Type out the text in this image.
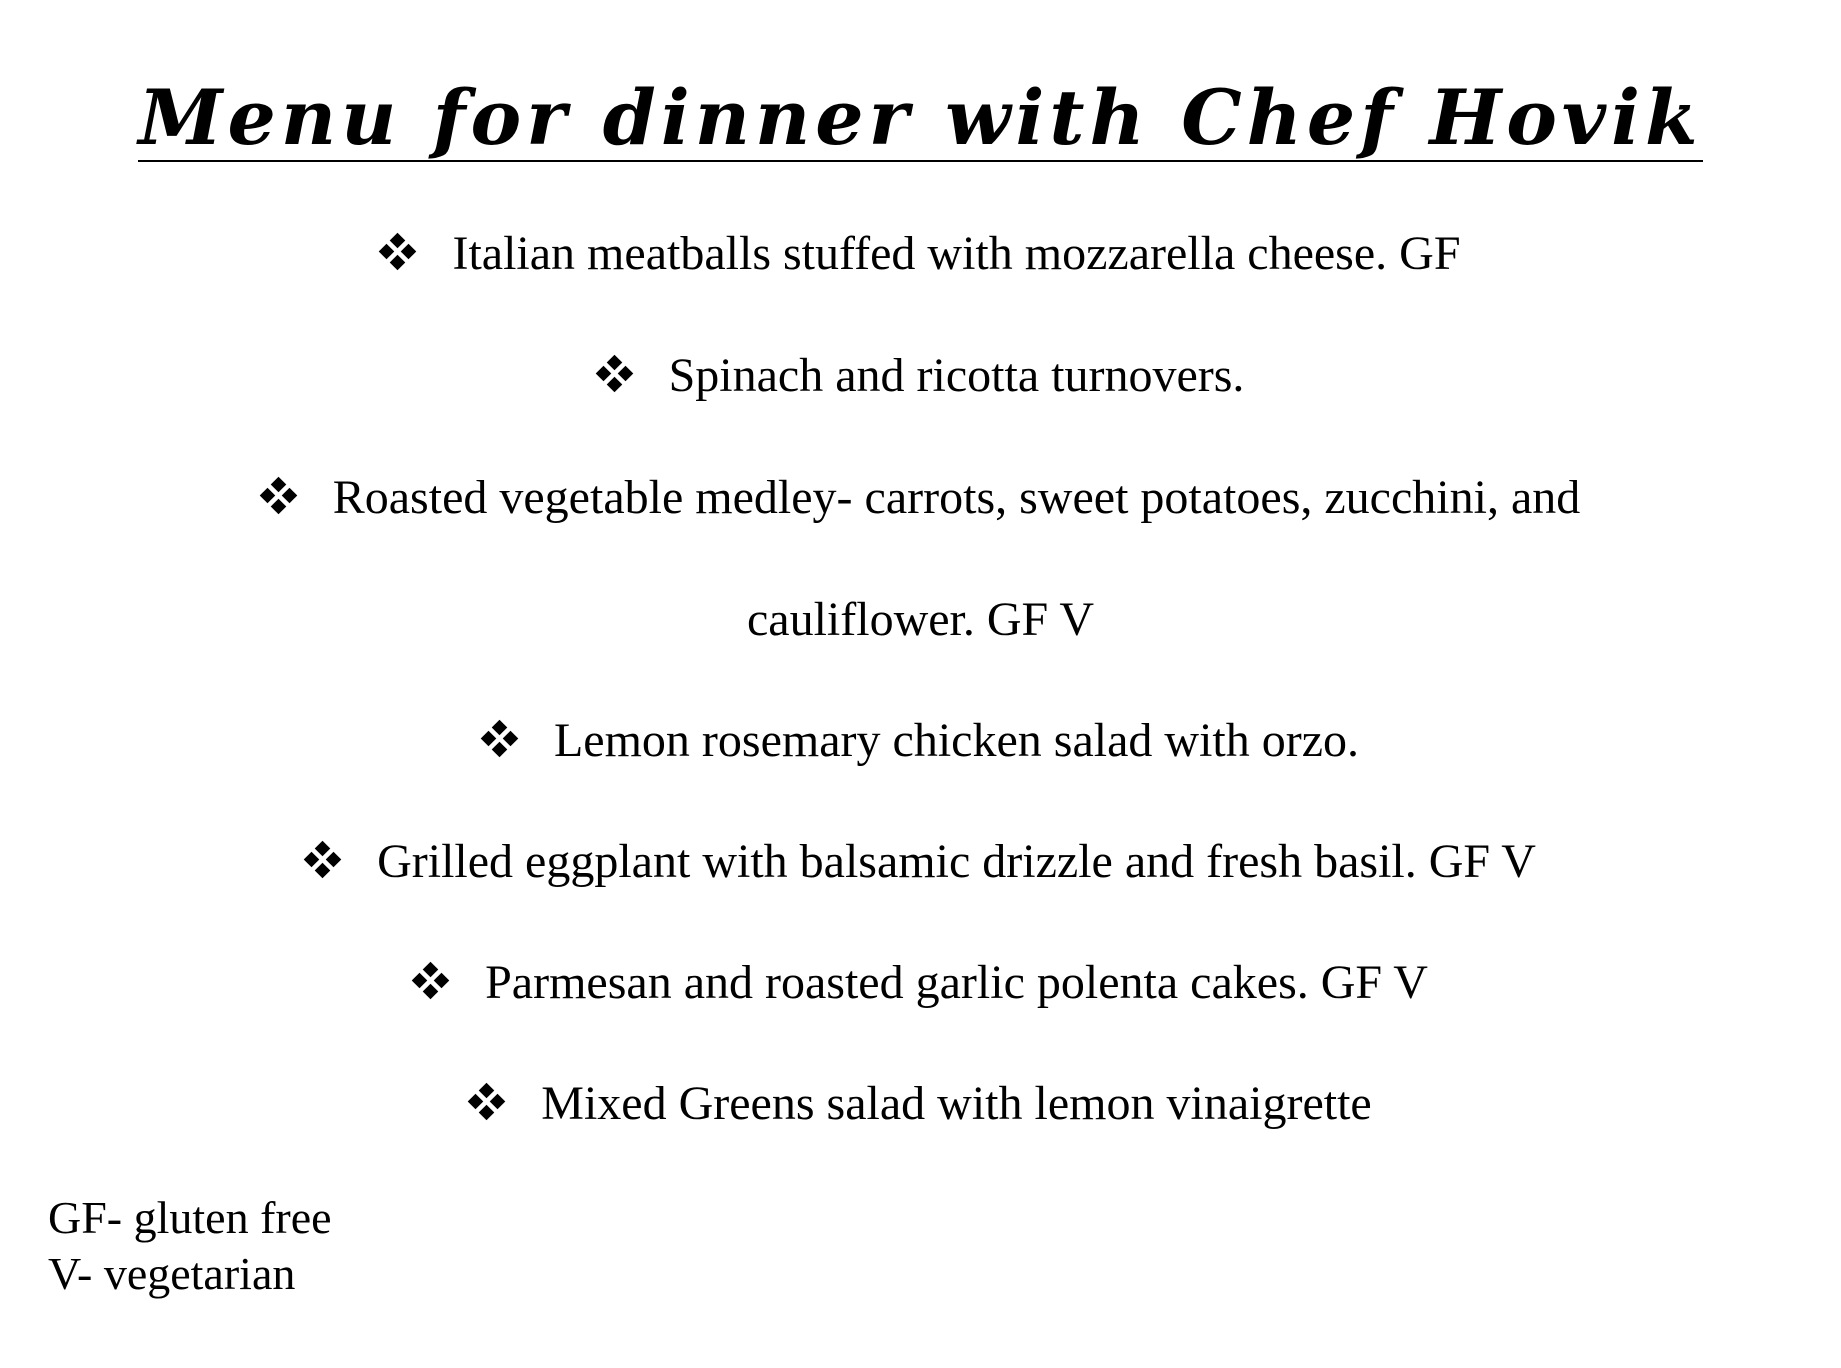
Menu for dinner with Chef Hovik
Italian meatballs stuffed with mozzarella cheese. GF
Spinach and ricotta turnovers.
Roasted vegetable medley- carrots, sweet potatoes, zucchini, and
cauliflower. GF V
Lemon rosemary chicken salad with orzo.
Grilled eggplant with balsamic drizzle and fresh basil. GF V
Parmesan and roasted garlic polenta cakes. GF V
Mixed Greens salad with lemon vinaigrette
GF- gluten free
V- vegetarian
